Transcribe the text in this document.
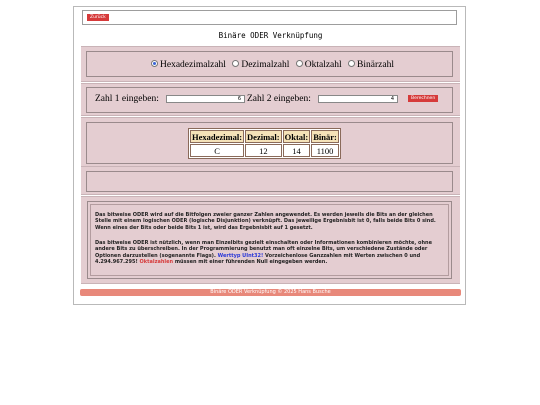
Zurück
Binäre ODER Verknüpfung
Hexadezimalzahl Dezimalzahl Oktalzahl Binärzahl
Zahl 1 eingeben:	Zahl 2 eingeben:
6	4	Berechnen
Hexadezimal:	Dezimal:	Oktal:	Binär:
C	12	14	1100

Das bitweise ODER wird auf die Bitfolgen zweier ganzer Zahlen angewendet. Es werden jeweils die Bits an der gleichen Stelle mit einem logischen ODER (logische Disjunktion) verknüpft. Das jeweilige Ergebnisbit ist 0, falls beide Bits 0 sind. Wenn eines der Bits oder beide Bits 1 ist, wird das Ergebnisbit auf 1 gesetzt.

Das bitweise ODER ist nützlich, wenn man Einzelbits gezielt einschalten oder Informationen kombinieren möchte, ohne andere Bits zu überschreiben. In der Programmierung benutzt man oft einzelne Bits, um verschiedene Zustände oder Optionen darzustellen (sogenannte Flags). Werttyp UInt32! Vorzeichenlose Ganzzahlen mit Werten zwischen 0 und 4.294.967.295! Oktalzahlen müssen mit einer führenden Null eingegeben werden.

Binäre ODER Verknüpfung © 2025 Hans Busche
